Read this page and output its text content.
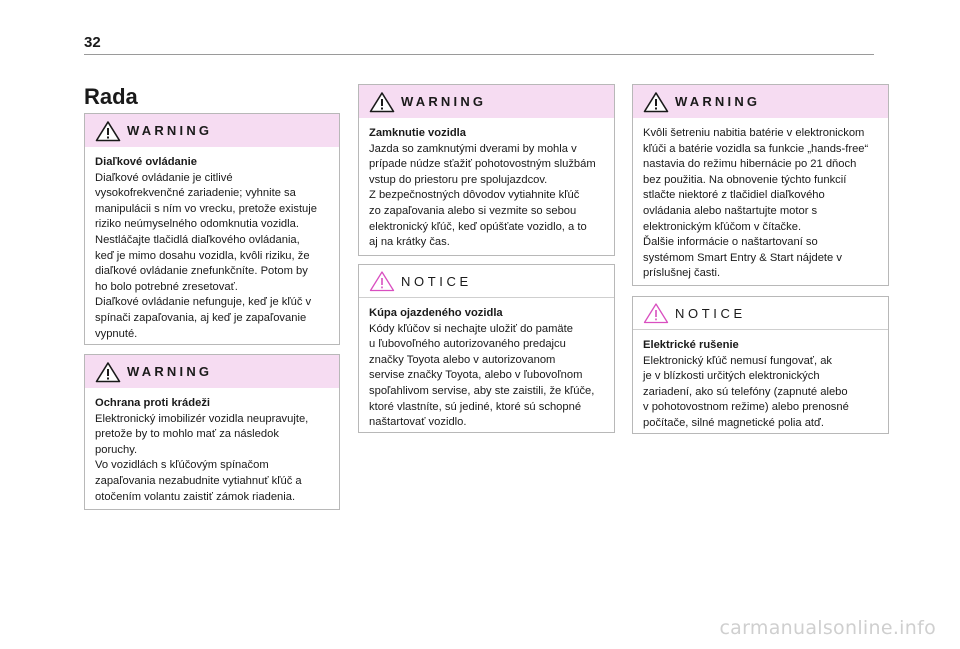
32
Rada
WARNING
Diaľkové ovládanie
Diaľkové ovládanie je citlivé
vysokofrekvenčné zariadenie; vyhnite sa
manipulácii s ním vo vrecku, pretože existuje
riziko neúmyselného odomknutia vozidla.
Nestláčajte tlačidlá diaľkového ovládania,
keď je mimo dosahu vozidla, kvôli riziku, že
diaľkové ovládanie znefunkčníte. Potom by
ho bolo potrebné zresetovať.
Diaľkové ovládanie nefunguje, keď je kľúč v
spínači zapaľovania, aj keď je zapaľovanie
vypnuté.
WARNING
Ochrana proti krádeži
Elektronický imobilizér vozidla neupravujte,
pretože by to mohlo mať za následok
poruchy.
Vo vozidlách s kľúčovým spínačom
zapaľovania nezabudnite vytiahnuť kľúč a
otočením volantu zaistiť zámok riadenia.
WARNING
Zamknutie vozidla
Jazda so zamknutými dverami by mohla v
prípade núdze sťažiť pohotovostným službám
vstup do priestoru pre spolujazdcov.
Z bezpečnostných dôvodov vytiahnite kľúč
zo zapaľovania alebo si vezmite so sebou
elektronický kľúč, keď opúšťate vozidlo, a to
aj na krátky čas.
NOTICE
Kúpa ojazdeného vozidla
Kódy kľúčov si nechajte uložiť do pamäte
u ľubovoľného autorizovaného predajcu
značky Toyota alebo v autorizovanom
servise značky Toyota, alebo v ľubovoľnom
spoľahlivom servise, aby ste zaistili, že kľúče,
ktoré vlastníte, sú jediné, ktoré sú schopné
naštartovať vozidlo.
WARNING
Kvôli šetreniu nabitia batérie v elektronickom
kľúči a batérie vozidla sa funkcie „hands-free“
nastavia do režimu hibernácie po 21 dňoch
bez použitia. Na obnovenie týchto funkcií
stlačte niektoré z tlačidiel diaľkového
ovládania alebo naštartujte motor s
elektronickým kľúčom v čítačke.
Ďalšie informácie o naštartovaní so
systémom Smart Entry & Start nájdete v
príslušnej časti.
NOTICE
Elektrické rušenie
Elektronický kľúč nemusí fungovať, ak
je v blízkosti určitých elektronických
zariadení, ako sú telefóny (zapnuté alebo
v pohotovostnom režime) alebo prenosné
počítače, silné magnetické polia atď.
carmanualsonline.info
